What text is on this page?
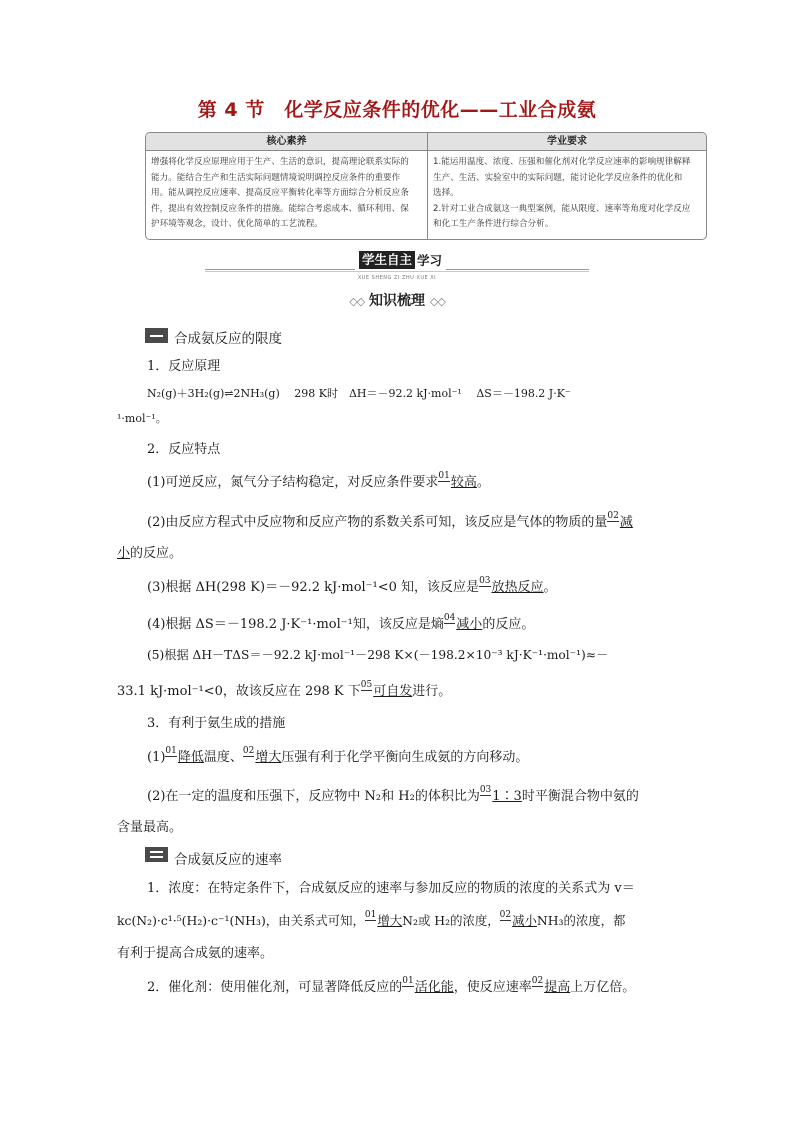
第 4 节　化学反应条件的优化——工业合成氨
核心素养
增强将化学反应原理应用于生产、生活的意识，提高理论联系实际的
能力。能结合生产和生活实际问题情境说明调控反应条件的重要作
用。能从调控反应速率、提高反应平衡转化率等方面综合分析反应条
件，提出有效控制反应条件的措施。能综合考虑成本、循环利用、保
护环境等观念，设计、优化简单的工艺流程。
学业要求
1.能运用温度、浓度、压强和催化剂对化学反应速率的影响规律解释
生产、生活、实验室中的实际问题，能讨论化学反应条件的优化和
选择。
2.针对工业合成氨这一典型案例，能从限度、速率等角度对化学反应
和化工生产条件进行综合分析。
学生自主 学习
XUE SHENG ZI ZHU XUE XI
◇◇ 知识梳理 ◇◇
合成氨反应的限度
1．反应原理
N₂(g)＋3H₂(g)⇌2NH₃(g)　 298 K时　ΔH＝－92.2 kJ·mol⁻¹　 ΔS＝－198.2 J·K⁻
¹·mol⁻¹。
2．反应特点
(1)可逆反应，氮气分子结构稳定，对反应条件要求01较高。
(2)由反应方程式中反应物和反应产物的系数关系可知，该反应是气体的物质的量02减
小的反应。
(3)根据 ΔH(298 K)＝－92.2 kJ·mol⁻¹<0 知，该反应是03放热反应。
(4)根据 ΔS＝－198.2 J·K⁻¹·mol⁻¹知，该反应是熵04减小的反应。
(5)根据 ΔH－TΔS＝－92.2 kJ·mol⁻¹－298 K×(－198.2×10⁻³ kJ·K⁻¹·mol⁻¹)≈－
33.1 kJ·mol⁻¹<0，故该反应在 298 K 下05可自发进行。
3．有利于氨生成的措施
(1)01降低温度、02增大压强有利于化学平衡向生成氨的方向移动。
(2)在一定的温度和压强下，反应物中 N₂和 H₂的体积比为031∶3时平衡混合物中氨的
含量最高。
合成氨反应的速率
1．浓度：在特定条件下，合成氨反应的速率与参加反应的物质的浓度的关系式为 v＝
kc(N₂)·c¹·⁵(H₂)·c⁻¹(NH₃)，由关系式可知，01增大N₂或 H₂的浓度，02减小NH₃的浓度，都
有利于提高合成氨的速率。
2．催化剂：使用催化剂，可显著降低反应的01活化能，使反应速率02提高上万亿倍。
